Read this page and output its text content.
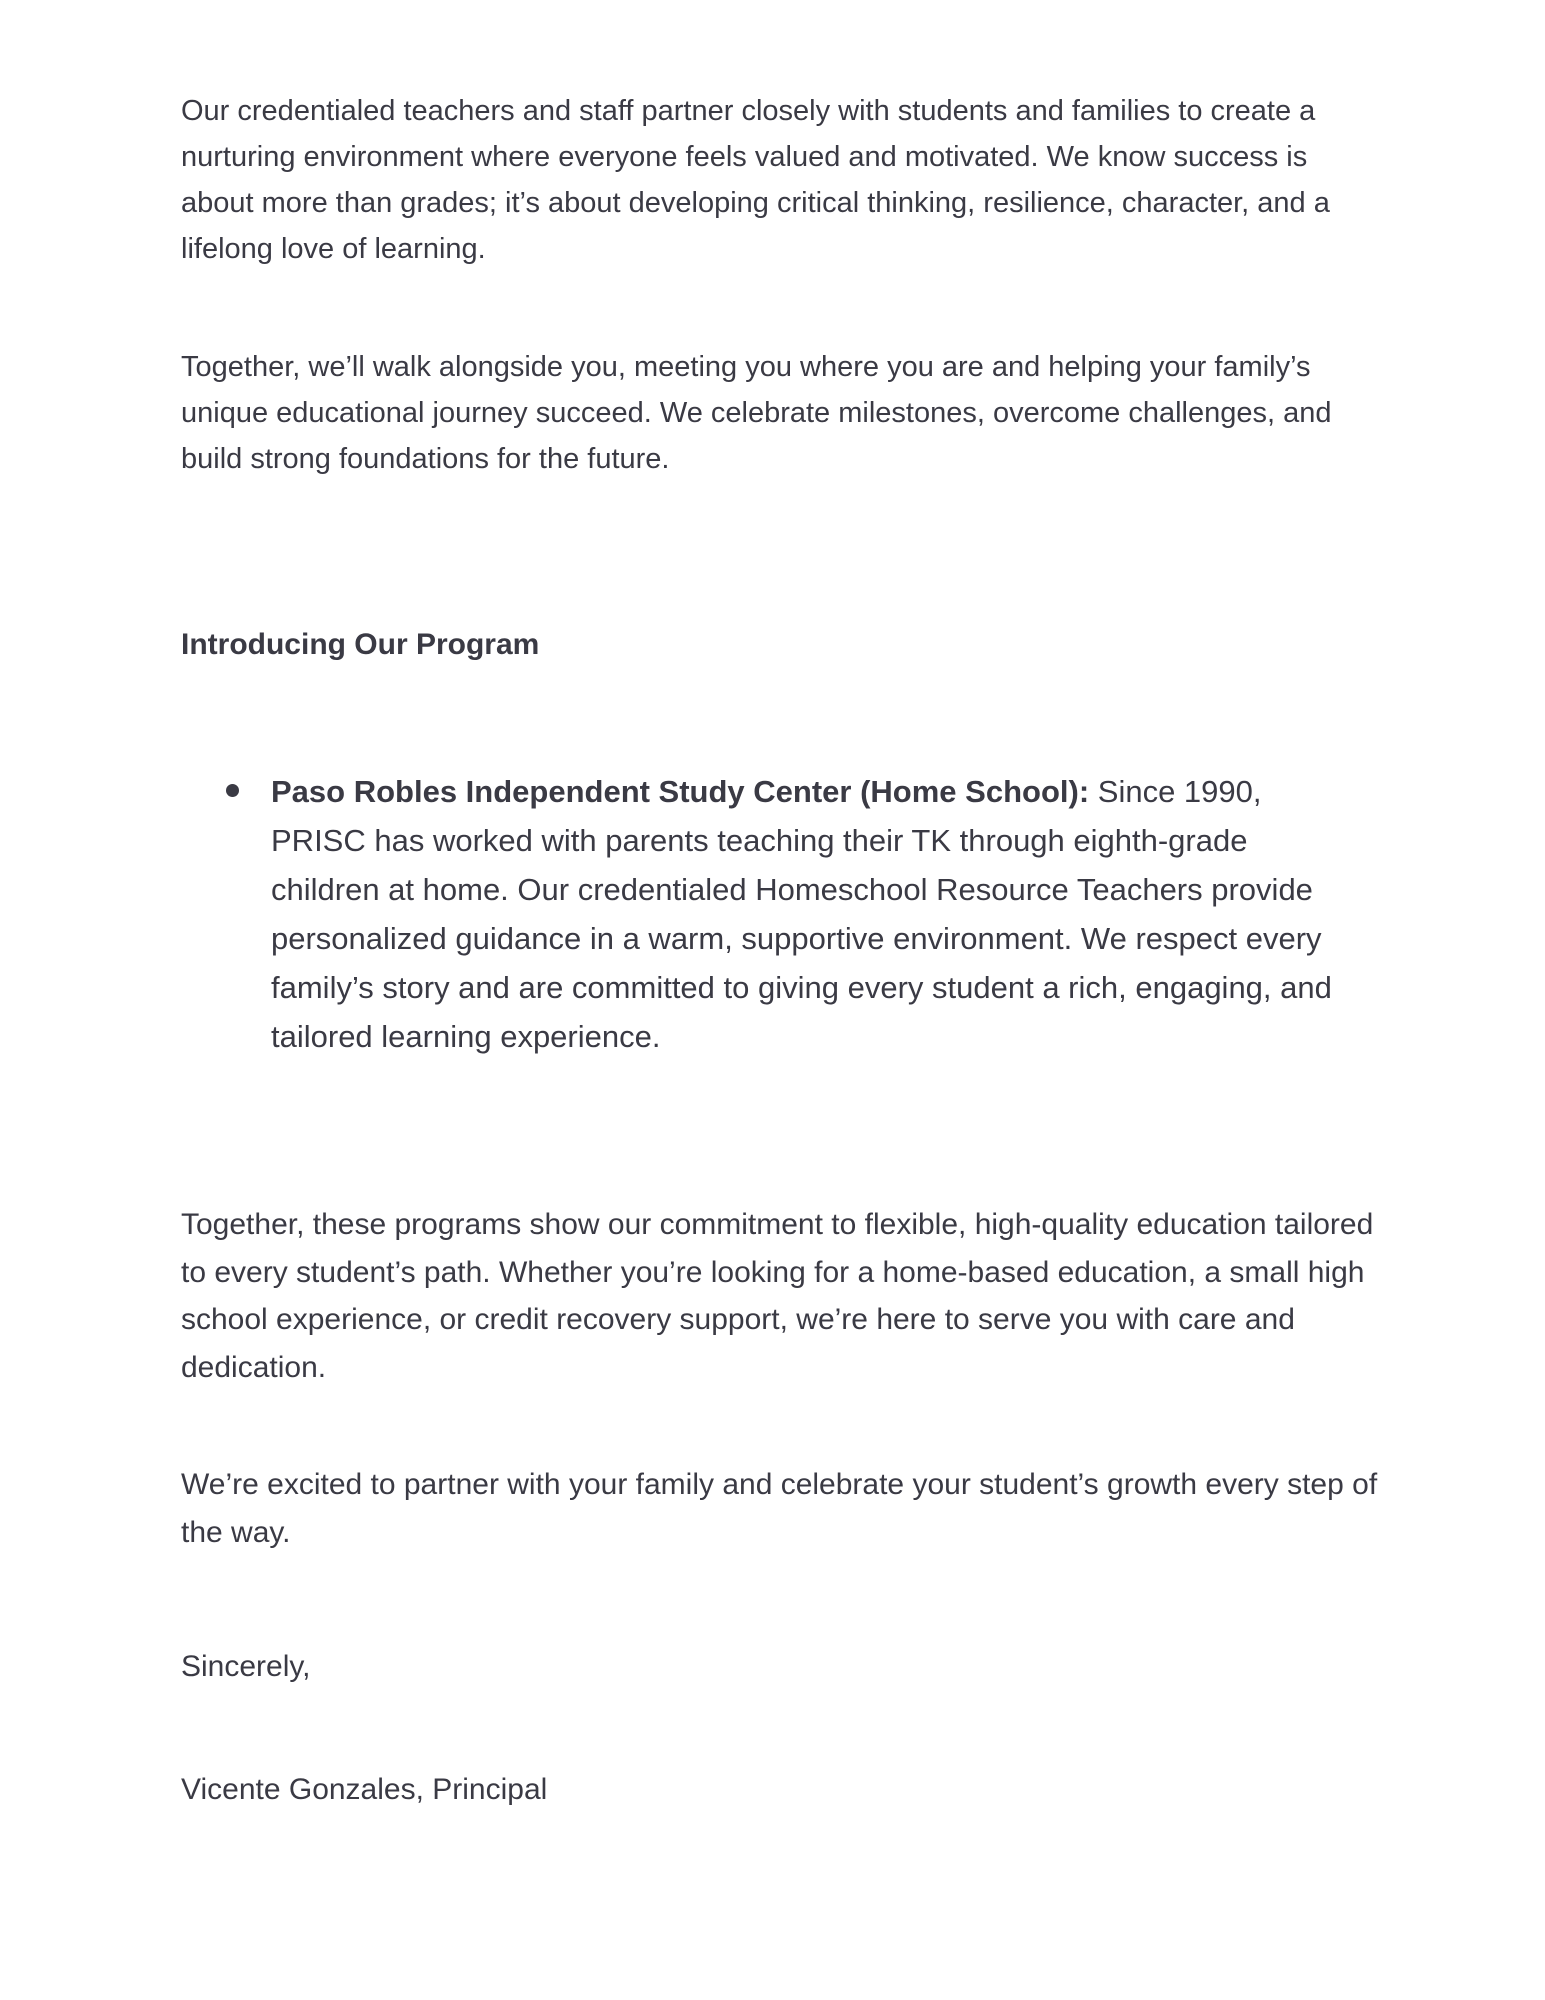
Our credentialed teachers and staff partner closely with students and families to create a nurturing environment where everyone feels valued and motivated. We know success is about more than grades; it’s about developing critical thinking, resilience, character, and a lifelong love of learning.

Together, we’ll walk alongside you, meeting you where you are and helping your family’s unique educational journey succeed. We celebrate milestones, overcome challenges, and build strong foundations for the future.

Introducing Our Program

Paso Robles Independent Study Center (Home School): Since 1990, PRISC has worked with parents teaching their TK through eighth-grade children at home. Our credentialed Homeschool Resource Teachers provide personalized guidance in a warm, supportive environment. We respect every family’s story and are committed to giving every student a rich, engaging, and tailored learning experience.

Together, these programs show our commitment to flexible, high-quality education tailored to every student’s path. Whether you’re looking for a home-based education, a small high school experience, or credit recovery support, we’re here to serve you with care and dedication.

We’re excited to partner with your family and celebrate your student’s growth every step of the way.

Sincerely,

Vicente Gonzales, Principal
